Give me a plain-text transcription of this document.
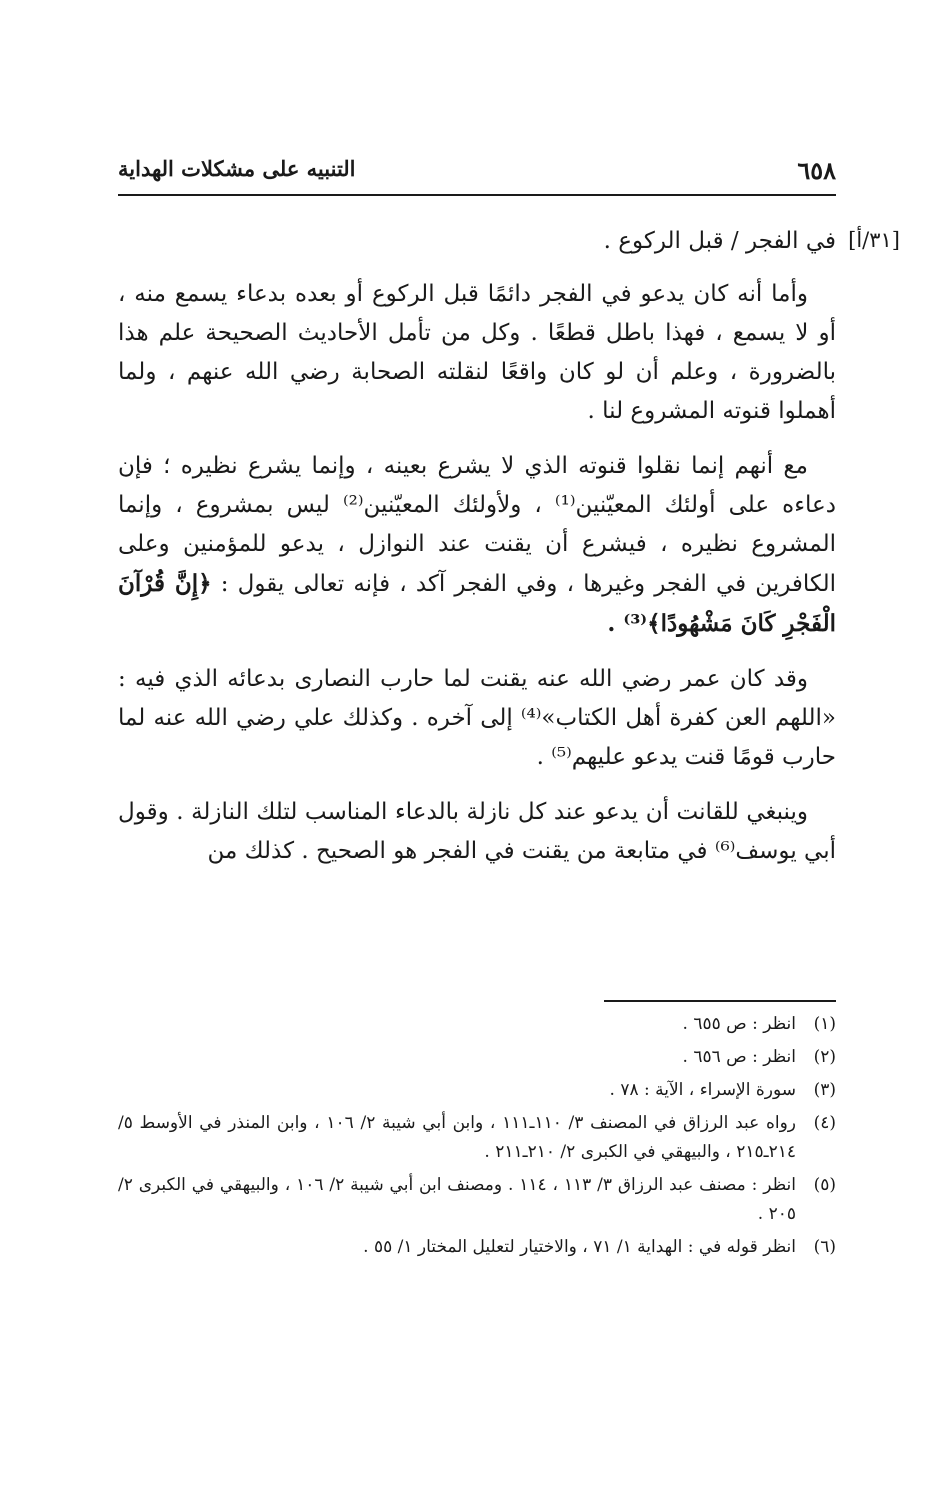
٦٥٨
التنبيه على مشكلات الهداية
[٣١/أ]

في الفجر / قبل الركوع .

وأما أنه كان يدعو في الفجر دائمًا قبل الركوع أو بعده بدعاء يسمع منه ، أو لا يسمع ، فهذا باطل قطعًا . وكل من تأمل الأحاديث الصحيحة علم هذا بالضرورة ، وعلم أن لو كان واقعًا لنقلته الصحابة رضي الله عنهم ، ولما أهملوا قنوته المشروع لنا .

مع أنهم إنما نقلوا قنوته الذي لا يشرع بعينه ، وإنما يشرع نظيره ؛ فإن دعاءه على أولئك المعيّنين⁽¹⁾ ، ولأولئك المعيّنين⁽²⁾ ليس بمشروع ، وإنما المشروع نظيره ، فيشرع أن يقنت عند النوازل ، يدعو للمؤمنين وعلى الكافرين في الفجر وغيرها ، وفي الفجر آكد ، فإنه تعالى يقول : ﴿إِنَّ قُرْآنَ الْفَجْرِ كَانَ مَشْهُودًا﴾⁽³⁾ .

وقد كان عمر رضي الله عنه يقنت لما حارب النصارى بدعائه الذي فيه : «اللهم العن كفرة أهل الكتاب»⁽⁴⁾ إلى آخره . وكذلك علي رضي الله عنه لما حارب قومًا قنت يدعو عليهم⁽⁵⁾ .

وينبغي للقانت أن يدعو عند كل نازلة بالدعاء المناسب لتلك النازلة . وقول أبي يوسف⁽⁶⁾ في متابعة من يقنت في الفجر هو الصحيح . كذلك من

(١)
انظر : ص ٦٥٥ .
(٢)
انظر : ص ٦٥٦ .
(٣)
سورة الإسراء ، الآية : ٧٨ .
(٤)
رواه عبد الرزاق في المصنف ٣/ ١١٠ـ١١١ ، وابن أبي شيبة ٢/ ١٠٦ ، وابن المنذر في الأوسط ٥/ ٢١٤ـ٢١٥ ، والبيهقي في الكبرى ٢/ ٢١٠ـ٢١١ .
(٥)
انظر : مصنف عبد الرزاق ٣/ ١١٣ ، ١١٤ . ومصنف ابن أبي شيبة ٢/ ١٠٦ ، والبيهقي في الكبرى ٢/ ٢٠٥ .
(٦)
انظر قوله في : الهداية ١/ ٧١ ، والاختيار لتعليل المختار ١/ ٥٥ .
